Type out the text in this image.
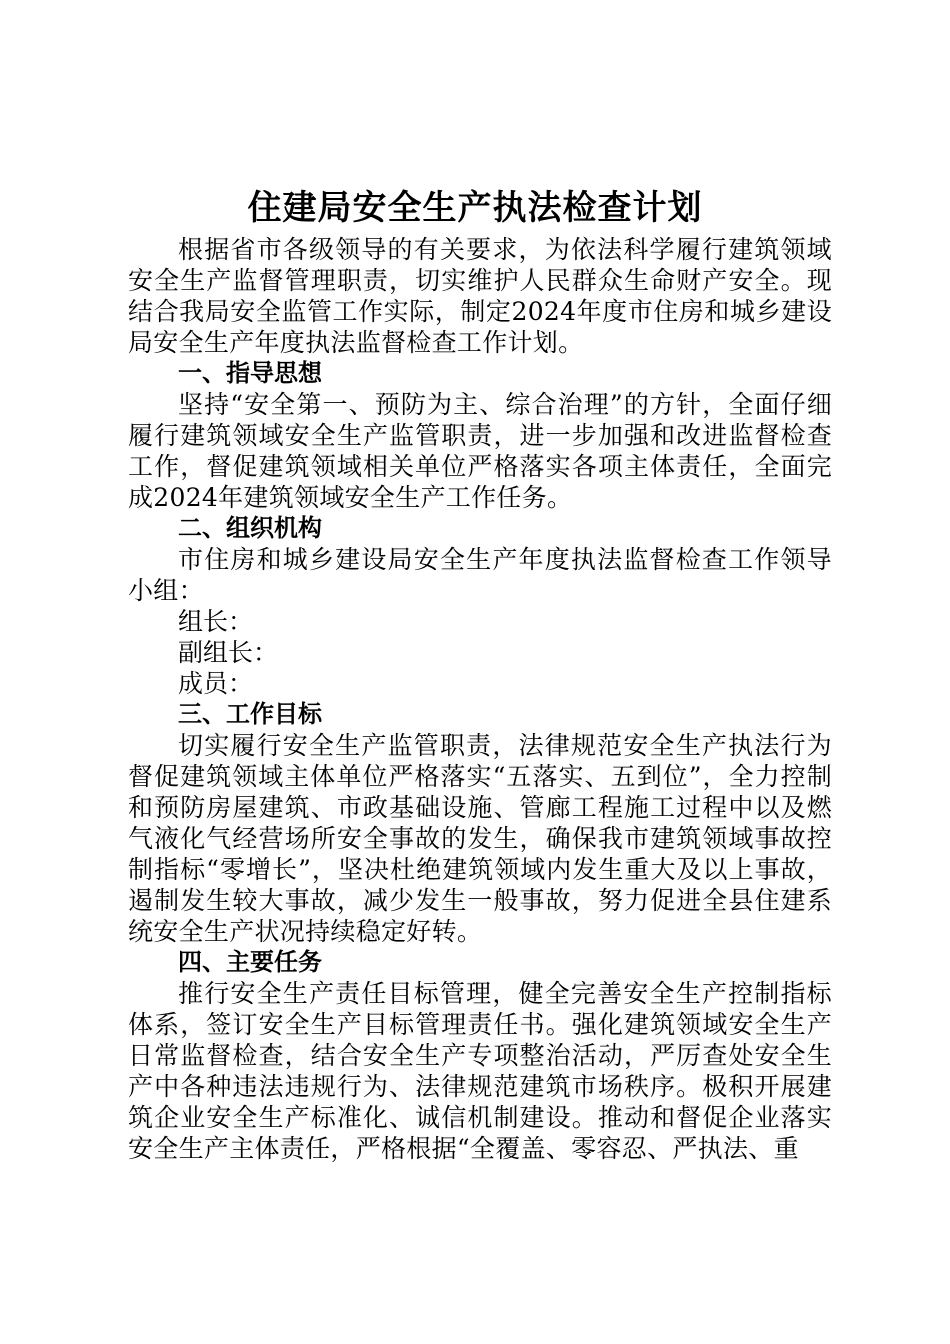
住建局安全生产执法检查计划

根据省市各级领导的有关要求，为依法科学履行建筑领域安全生产监督管理职责，切实维护人民群众生命财产安全。现结合我局安全监管工作实际，制定2024年度市住房和城乡建设局安全生产年度执法监督检查工作计划。

一、指导思想

坚持“安全第一、预防为主、综合治理”的方针，全面仔细履行建筑领域安全生产监管职责，进一步加强和改进监督检查工作，督促建筑领域相关单位严格落实各项主体责任，全面完成2024年建筑领域安全生产工作任务。

二、组织机构

市住房和城乡建设局安全生产年度执法监督检查工作领导小组：

组长：

副组长：

成员：

三、工作目标

切实履行安全生产监管职责，法律规范安全生产执法行为督促建筑领域主体单位严格落实“五落实、五到位”，全力控制和预防房屋建筑、市政基础设施、管廊工程施工过程中以及燃气液化气经营场所安全事故的发生，确保我市建筑领域事故控制指标“零增长”，坚决杜绝建筑领域内发生重大及以上事故，遏制发生较大事故，减少发生一般事故，努力促进全县住建系统安全生产状况持续稳定好转。

四、主要任务

推行安全生产责任目标管理，健全完善安全生产控制指标体系，签订安全生产目标管理责任书。强化建筑领域安全生产日常监督检查，结合安全生产专项整治活动，严厉查处安全生产中各种违法违规行为、法律规范建筑市场秩序。极积开展建筑企业安全生产标准化、诚信机制建设。推动和督促企业落实安全生产主体责任，严格根据“全覆盖、零容忍、严执法、重
